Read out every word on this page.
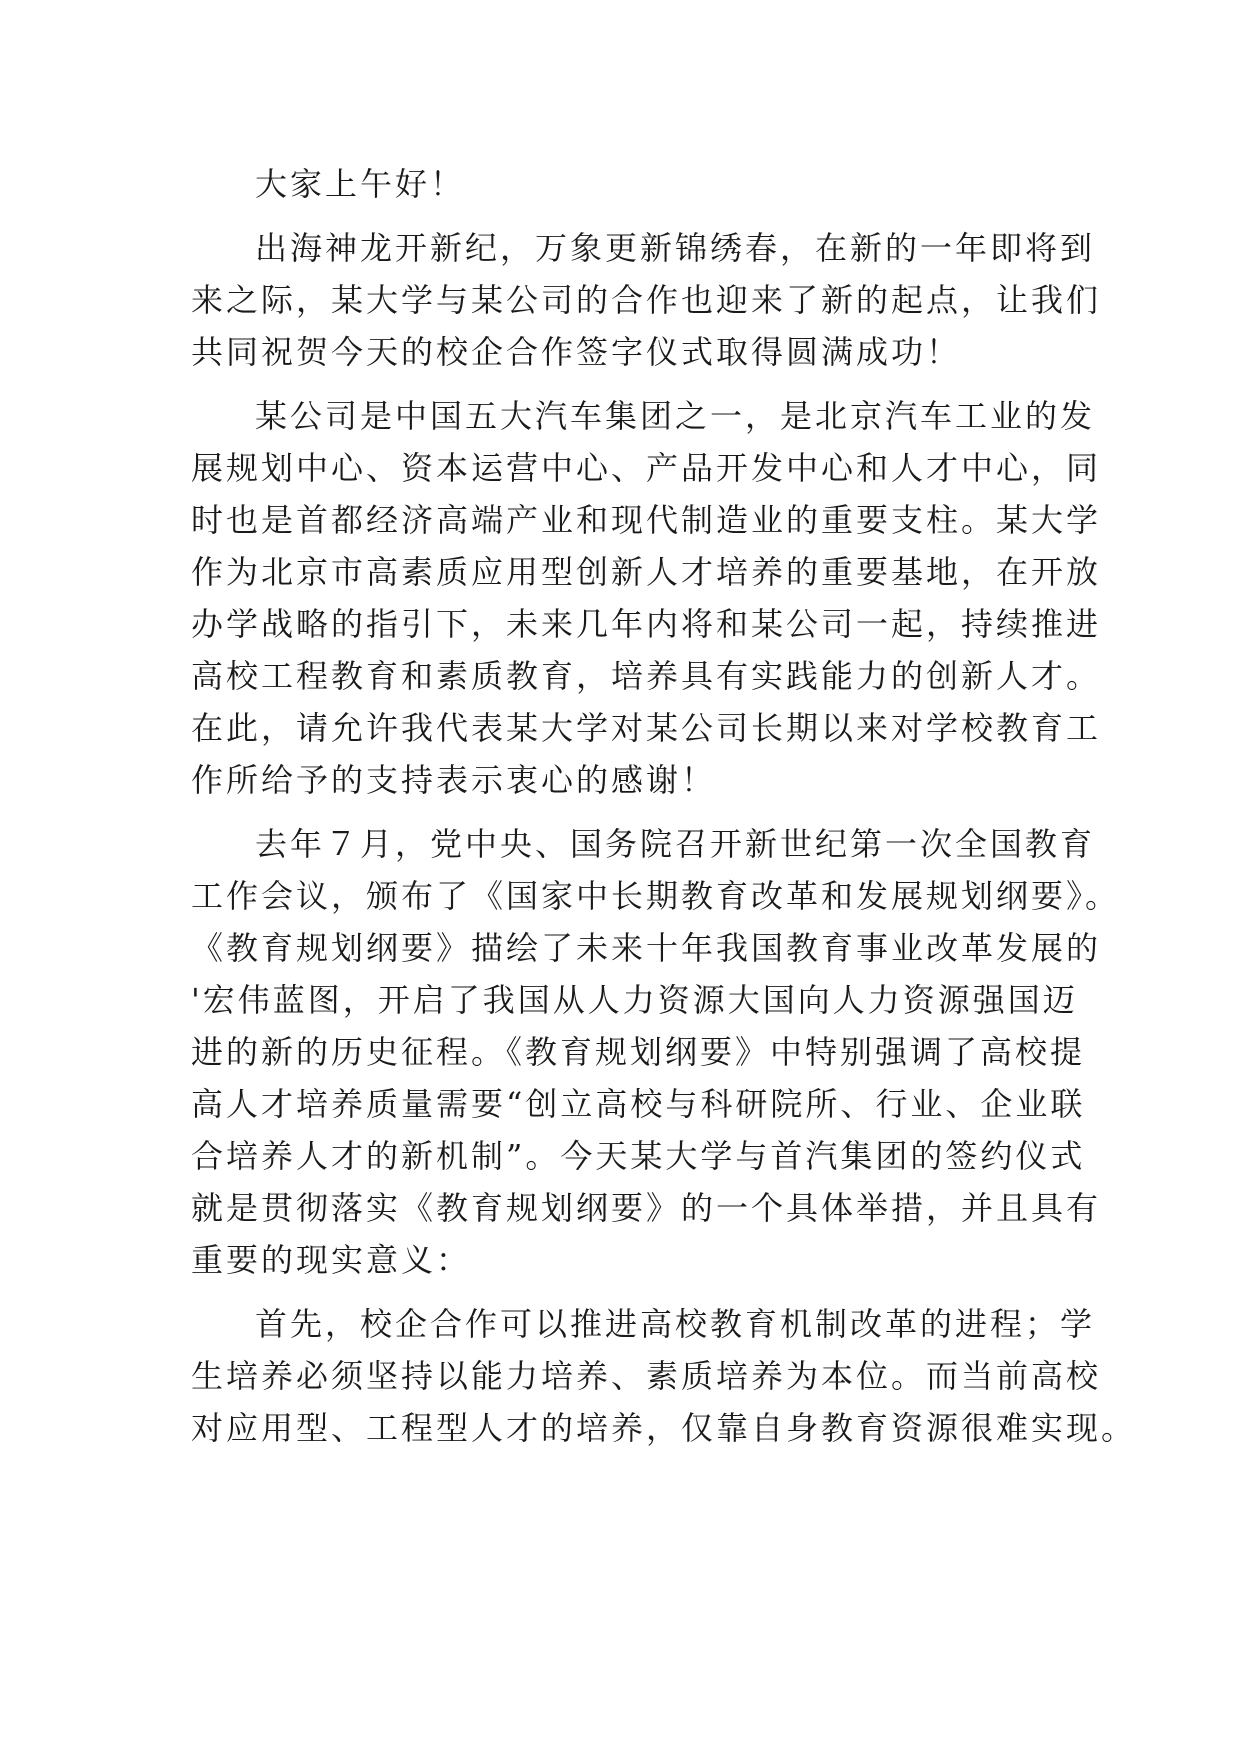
大家上午好！

出海神龙开新纪，万象更新锦绣春，在新的一年即将到

来之际，某大学与某公司的合作也迎来了新的起点，让我们

共同祝贺今天的校企合作签字仪式取得圆满成功！

某公司是中国五大汽车集团之一，是北京汽车工业的发

展规划中心、资本运营中心、产品开发中心和人才中心，同

时也是首都经济高端产业和现代制造业的重要支柱。某大学

作为北京市高素质应用型创新人才培养的重要基地，在开放

办学战略的指引下，未来几年内将和某公司一起，持续推进

高校工程教育和素质教育，培养具有实践能力的创新人才。

在此，请允许我代表某大学对某公司长期以来对学校教育工

作所给予的支持表示衷心的感谢！

去年７月，党中央、国务院召开新世纪第一次全国教育

工作会议，颁布了《国家中长期教育改革和发展规划纲要》。

《教育规划纲要》描绘了未来十年我国教育事业改革发展的

'宏伟蓝图，开启了我国从人力资源大国向人力资源强国迈

进的新的历史征程。《教育规划纲要》中特别强调了高校提

高人才培养质量需要“创立高校与科研院所、行业、企业联

合培养人才的新机制”。今天某大学与首汽集团的签约仪式

就是贯彻落实《教育规划纲要》的一个具体举措，并且具有

重要的现实意义：

首先，校企合作可以推进高校教育机制改革的进程；学

生培养必须坚持以能力培养、素质培养为本位。而当前高校

对应用型、工程型人才的培养，仅靠自身教育资源很难实现。
